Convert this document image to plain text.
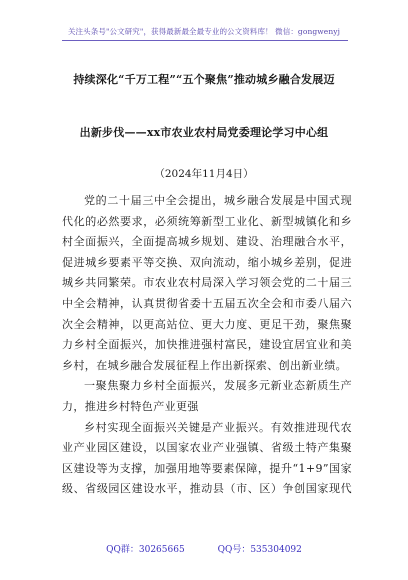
关注头条号"公文研究"，获得最新最全最专业的公文资料库！ 微信：gongwenyj
持续深化“千万工程”“五个聚焦”推动城乡融合发展迈
出新步伐——xx市农业农村局党委理论学习中心组
（2024年11月4日）
党的二十届三中全会提出，城乡融合发展是中国式现
代化的必然要求，必须统筹新型工业化、新型城镇化和乡
村全面振兴，全面提高城乡规划、建设、治理融合水平，
促进城乡要素平等交换、双向流动，缩小城乡差别，促进
城乡共同繁荣。市农业农村局深入学习领会党的二十届三
中全会精神，认真贯彻省委十五届五次全会和市委八届六
次全会精神，以更高站位、更大力度、更足干劲，聚焦聚
力乡村全面振兴，加快推进强村富民，建设宜居宜业和美
乡村，在城乡融合发展征程上作出新探索、创出新业绩。
一聚焦聚力乡村全面振兴，发展多元新业态新质生产
力，推进乡村特色产业更强
乡村实现全面振兴关键是产业振兴。有效推进现代农
业产业园区建设，以国家农业产业强镇、省级土特产集聚
区建设等为支撑，加强用地等要素保障，提升“1+9”国家
级、省级园区建设水平，推动县（市、区）争创国家现代
QQ群：30265665	QQ号：535304092
